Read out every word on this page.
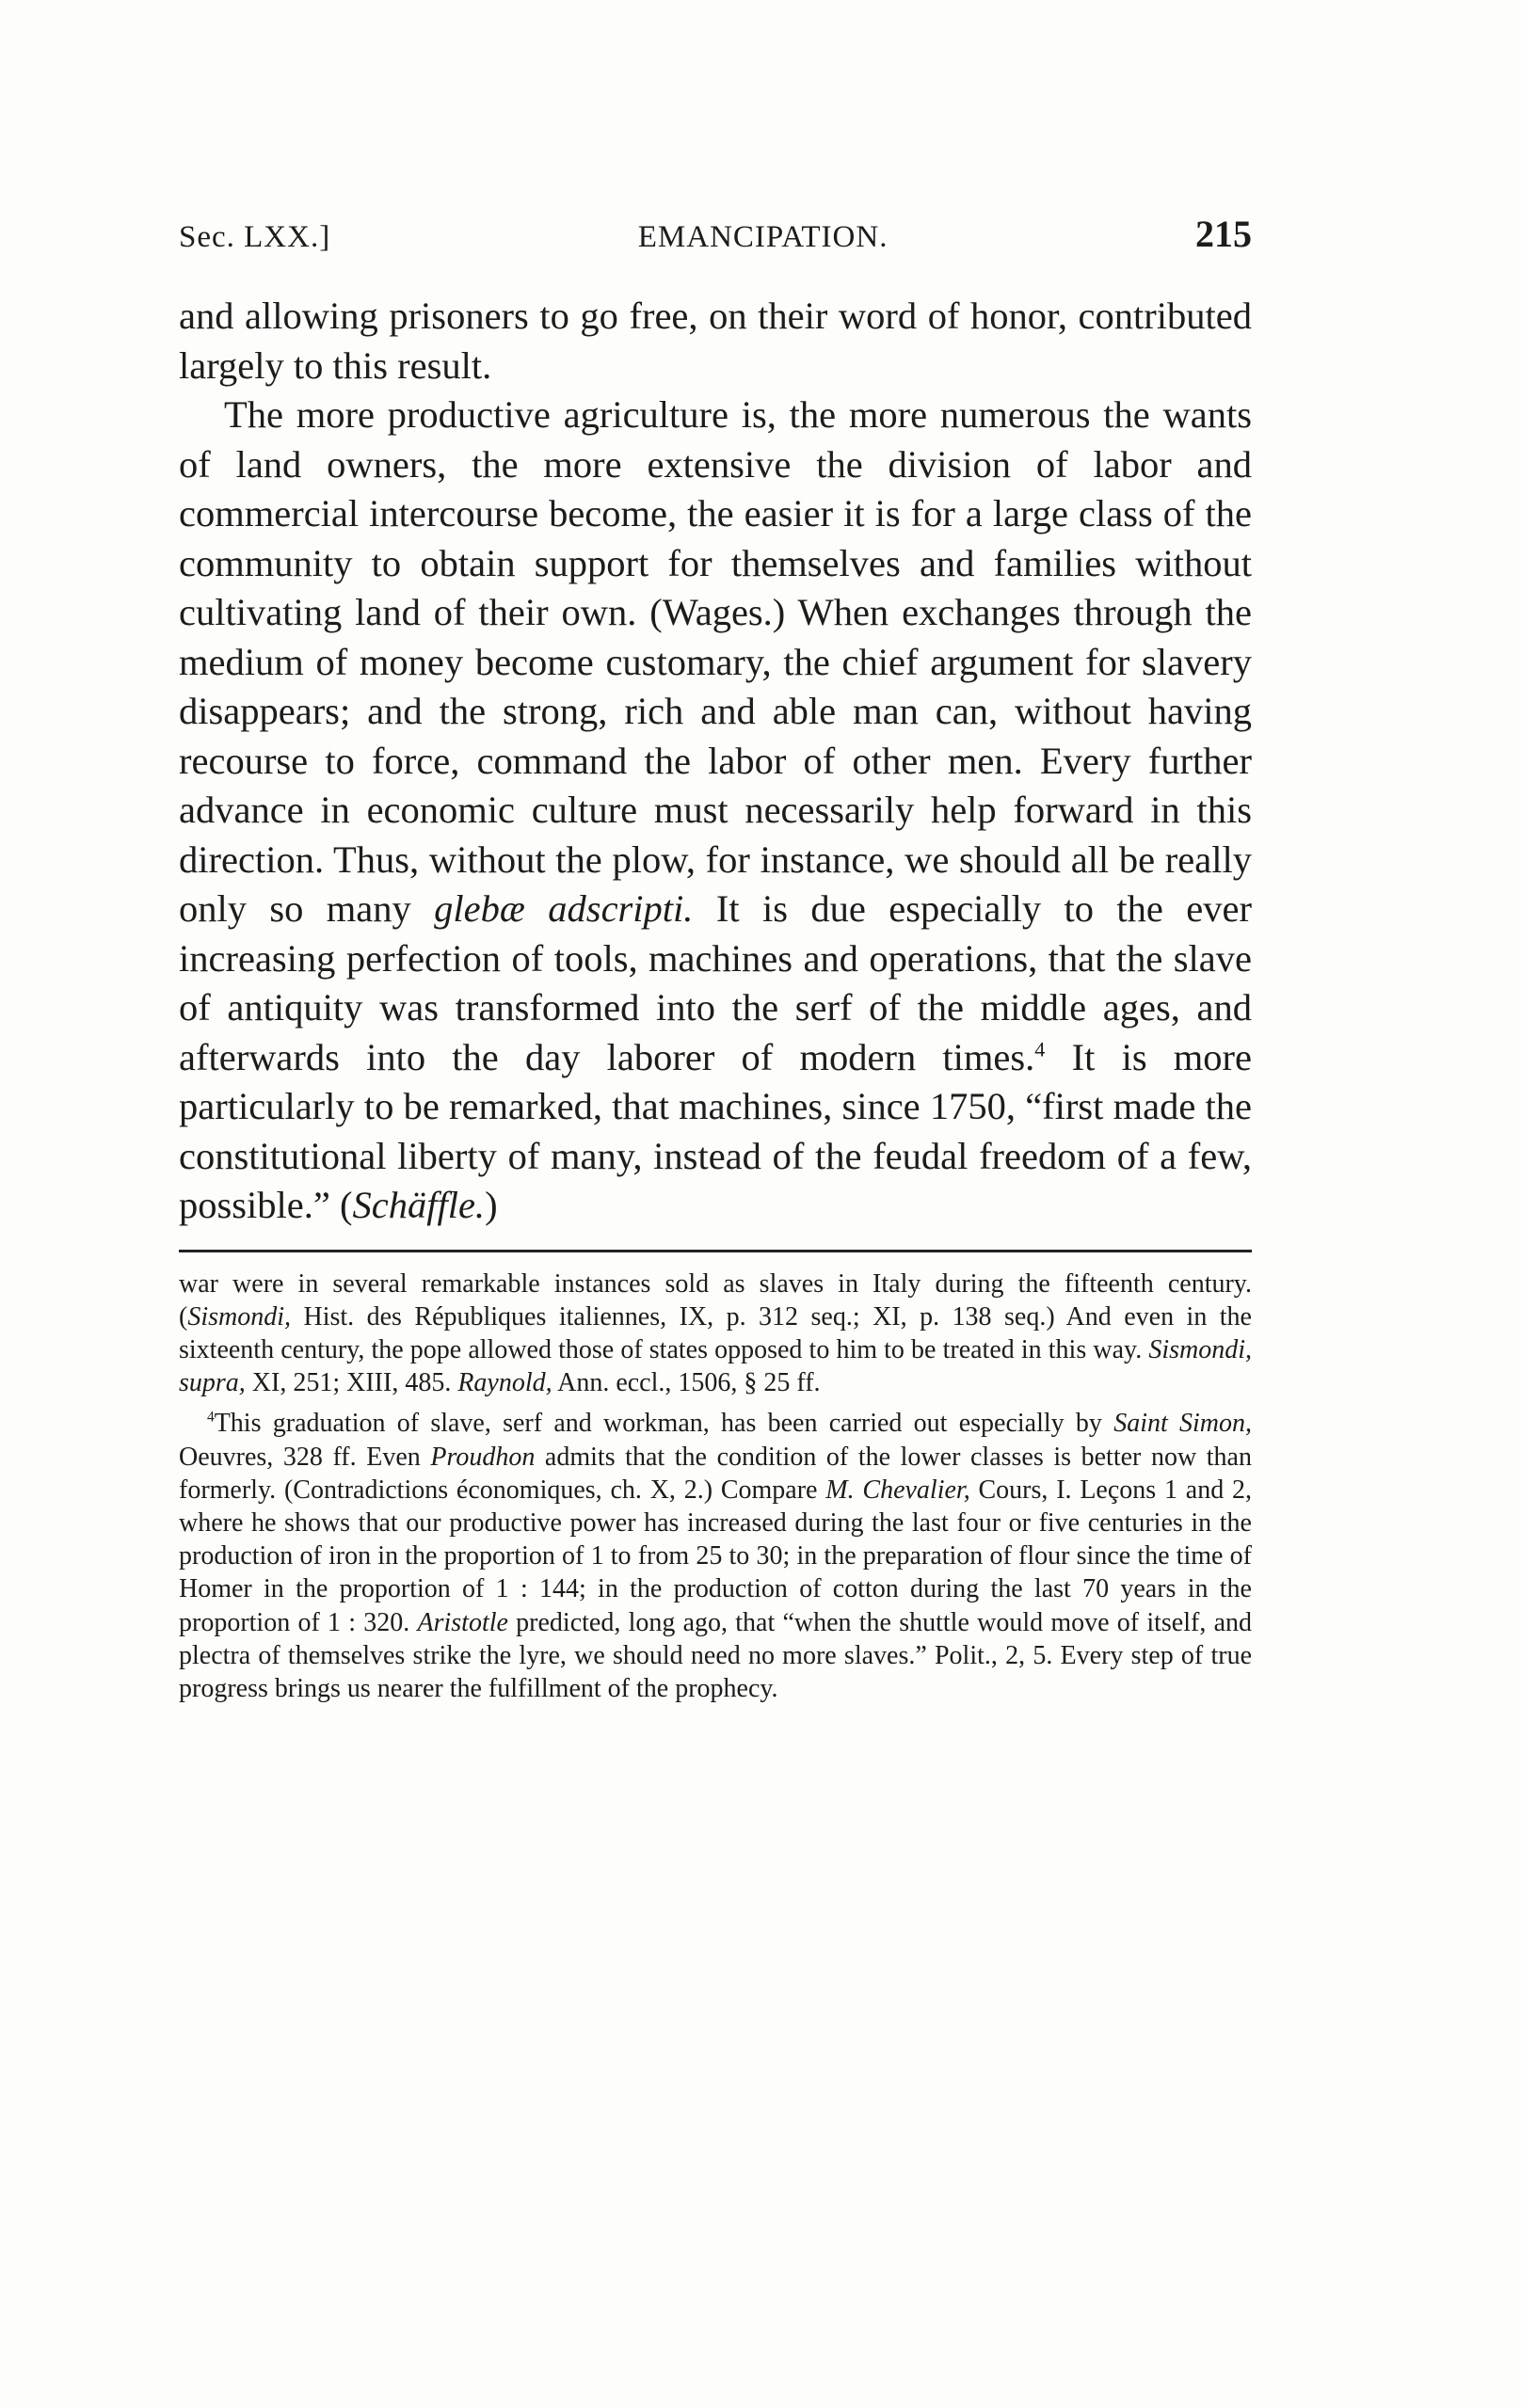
Sec. LXX.]	EMANCIPATION.	215

and allowing prisoners to go free, on their word of honor, contributed largely to this result.

The more productive agriculture is, the more numerous the wants of land owners, the more extensive the division of labor and commercial intercourse become, the easier it is for a large class of the community to obtain support for themselves and families without cultivating land of their own. (Wages.) When exchanges through the medium of money become customary, the chief argument for slavery disappears; and the strong, rich and able man can, without having recourse to force, command the labor of other men. Every further advance in economic culture must necessarily help forward in this direction. Thus, without the plow, for instance, we should all be really only so many glebæ adscripti. It is due especially to the ever increasing perfection of tools, machines and operations, that the slave of antiquity was transformed into the serf of the middle ages, and afterwards into the day laborer of modern times.$^4$ It is more particularly to be remarked, that machines, since 1750, “first made the constitutional liberty of many, instead of the feudal freedom of a few, possible.” (Schäffle.)

war were in several remarkable instances sold as slaves in Italy during the fifteenth century. (Sismondi, Hist. des Républiques italiennes, IX, p. 312 seq.; XI, p. 138 seq.) And even in the sixteenth century, the pope allowed those of states opposed to him to be treated in this way. Sismondi, supra, XI, 251; XIII, 485. Raynold, Ann. eccl., 1506, § 25 ff.

$^4$This graduation of slave, serf and workman, has been carried out especially by Saint Simon, Oeuvres, 328 ff. Even Proudhon admits that the condition of the lower classes is better now than formerly. (Contradictions économiques, ch. X, 2.) Compare M. Chevalier, Cours, I. Leçons 1 and 2, where he shows that our productive power has increased during the last four or five centuries in the production of iron in the proportion of 1 to from 25 to 30; in the preparation of flour since the time of Homer in the proportion of 1 : 144; in the production of cotton during the last 70 years in the proportion of 1 : 320. Aristotle predicted, long ago, that “when the shuttle would move of itself, and plectra of themselves strike the lyre, we should need no more slaves.” Polit., 2, 5. Every step of true progress brings us nearer the fulfillment of the prophecy.
